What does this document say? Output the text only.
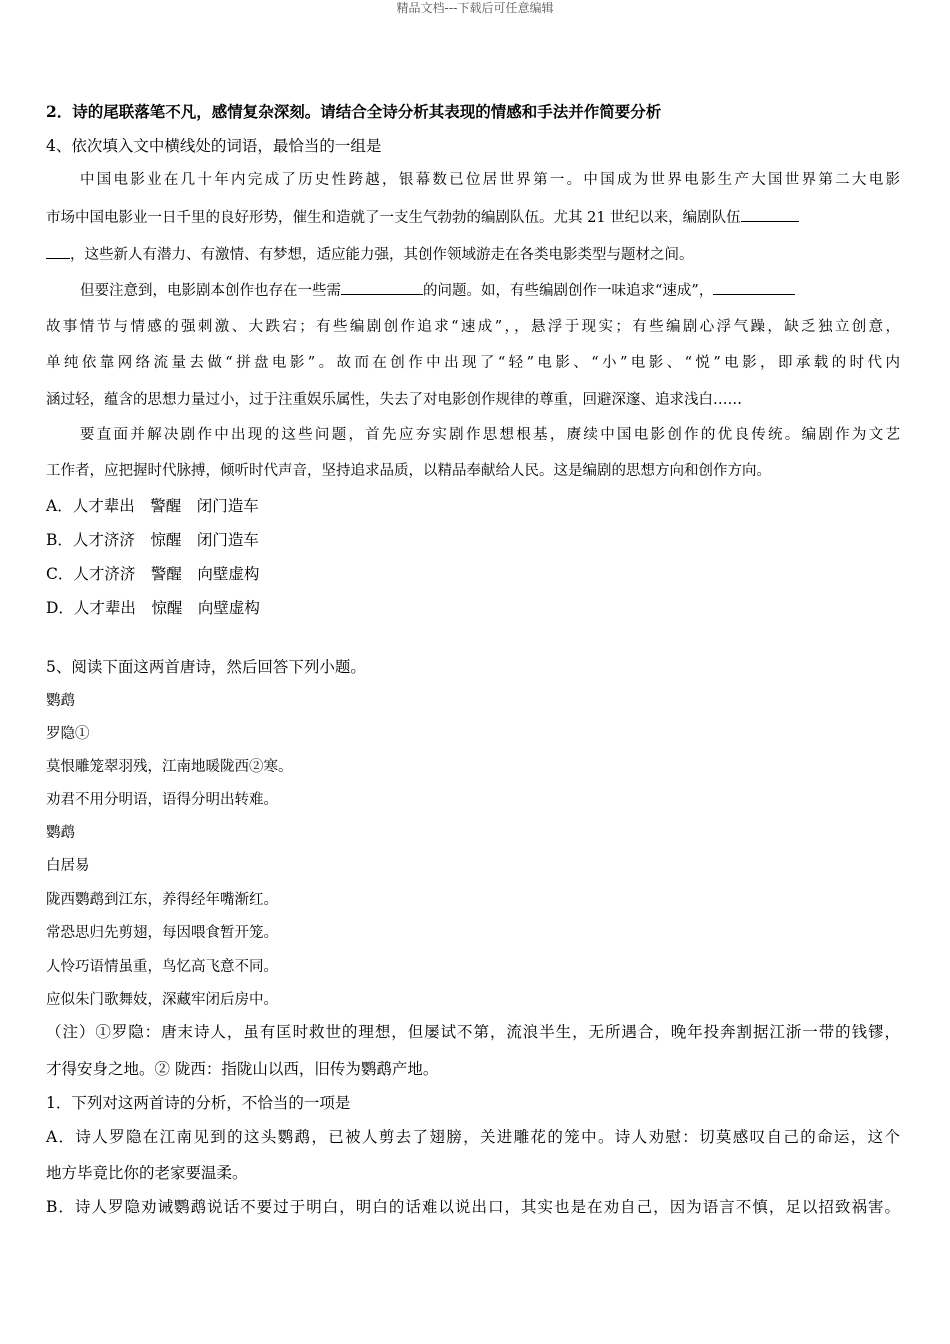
精品文档---下载后可任意编辑
2．诗的尾联落笔不凡，感情复杂深刻。请结合全诗分析其表现的情感和手法并作简要分析
4、依次填入文中横线处的词语，最恰当的一组是
中国电影业在几十年内完成了历史性跨越，银幕数已位居世界第一。中国成为世界电影生产大国世界第二大电影
市场中国电影业一日千里的良好形势，催生和造就了一支生气勃勃的编剧队伍。尤其 21 世纪以来，编剧队伍
，这些新人有潜力、有激情、有梦想，适应能力强，其创作领域游走在各类电影类型与题材之间。
但要注意到，电影剧本创作也存在一些需	的问题。如，有些编剧创作一味追求“速成”，
故事情节与情感的强刺激、大跌宕；有些编剧创作追求“速成”，，悬浮于现实；有些编剧心浮气躁，缺乏独立创意，
单纯依靠网络流量去做“拼盘电影”。故而在创作中出现了“轻”电影、“小”电影、“悦”电影，即承载的时代内
涵过轻，蕴含的思想力量过小，过于注重娱乐属性，失去了对电影创作规律的尊重，回避深邃、追求浅白……
要直面并解决剧作中出现的这些问题，首先应夯实剧作思想根基，赓续中国电影创作的优良传统。编剧作为文艺
工作者，应把握时代脉搏，倾听时代声音，坚持追求品质，以精品奉献给人民。这是编剧的思想方向和创作方向。
A．人才辈出　警醒　闭门造车
B．人才济济　惊醒　闭门造车
C．人才济济　警醒　向壁虚构
D．人才辈出　惊醒　向壁虚构
5、阅读下面这两首唐诗，然后回答下列小题。
鹦鹉
罗隐①
莫恨雕笼翠羽残，江南地暖陇西②寒。
劝君不用分明语，语得分明出转难。
鹦鹉
白居易
陇西鹦鹉到江东，养得经年嘴渐红。
常恐思归先剪翅，每因喂食暂开笼。
人怜巧语情虽重，鸟忆高飞意不同。
应似朱门歌舞妓，深藏牢闭后房中。
（注）①罗隐：唐末诗人，虽有匡时救世的理想，但屡试不第，流浪半生，无所遇合，晚年投奔割据江浙一带的钱镠，
才得安身之地。② 陇西：指陇山以西，旧传为鹦鹉产地。
1．下列对这两首诗的分析，不恰当的一项是
A．诗人罗隐在江南见到的这头鹦鹉，已被人剪去了翅膀，关进雕花的笼中。诗人劝慰：切莫感叹自己的命运，这个
地方毕竟比你的老家要温柔。
B．诗人罗隐劝诫鹦鹉说话不要过于明白，明白的话难以说出口，其实也是在劝自己，因为语言不慎，足以招致祸害。
